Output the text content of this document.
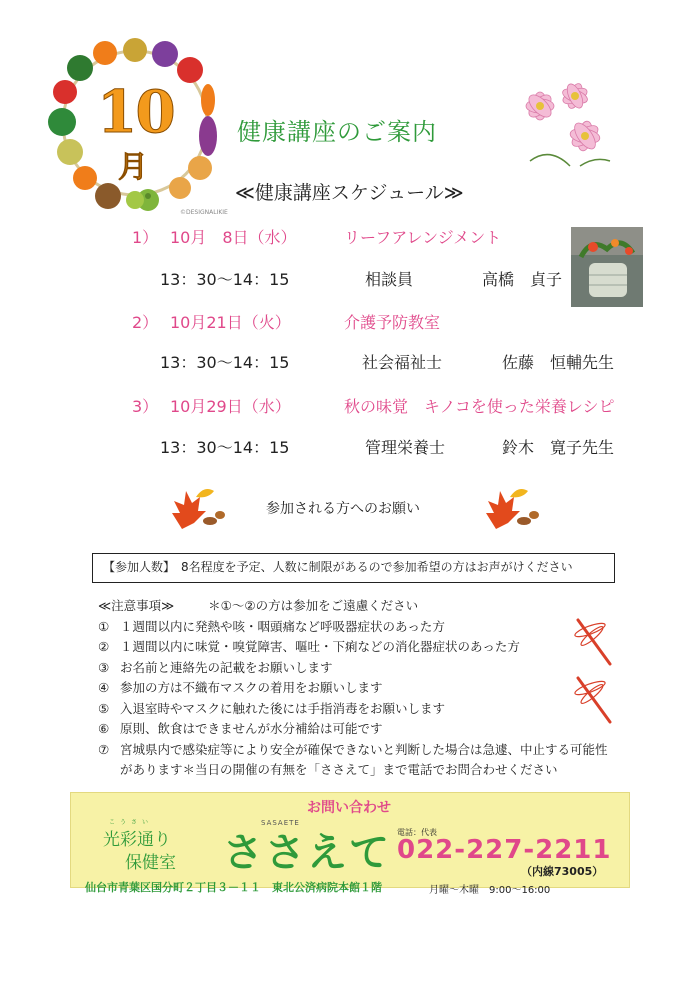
10
月
©DESIGNALIKIE
健康講座のご案内
≪健康講座スケジュール≫
1） 10月　8日（水）	リーフアレンジメント
13：30～14：15	相談員	高橋　貞子
2） 10月21日（火）	介護予防教室
13：30～14：15	社会福祉士	佐藤　恒輔先生
3） 10月29日（水）	秋の味覚　キノコを使った栄養レシピ
13：30～14：15	管理栄養士	鈴木　寛子先生
参加される方へのお願い
【参加人数】　8名程度を予定、人数に制限があるので参加希望の方はお声がけください
≪注意事項≫	＊①～②の方は参加をご遠慮ください
① １週間以内に発熱や咳・咽頭痛など呼吸器症状のあった方
② １週間以内に味覚・嗅覚障害、嘔吐・下痢などの消化器症状のあった方
③ お名前と連絡先の記載をお願いします
④ 参加の方は不織布マスクの着用をお願いします
⑤ 入退室時やマスクに触れた後には手指消毒をお願いします
⑥ 原則、飲食はできませんが水分補給は可能です
⑦ 宮城県内で感染症等により安全が確保できないと判断した場合は急遽、中止する可能性
があります＊当日の開催の有無を「ささえて」まで電話でお問合わせください
お問い合わせ
こうさい
光彩通り
保健室
SASAETE
ささえて 電話：代表
022-227-2211
（内線73005）
仙台市青葉区国分町２丁目３－１１　東北公済病院本館１階	月曜～木曜　9:00～16:00
